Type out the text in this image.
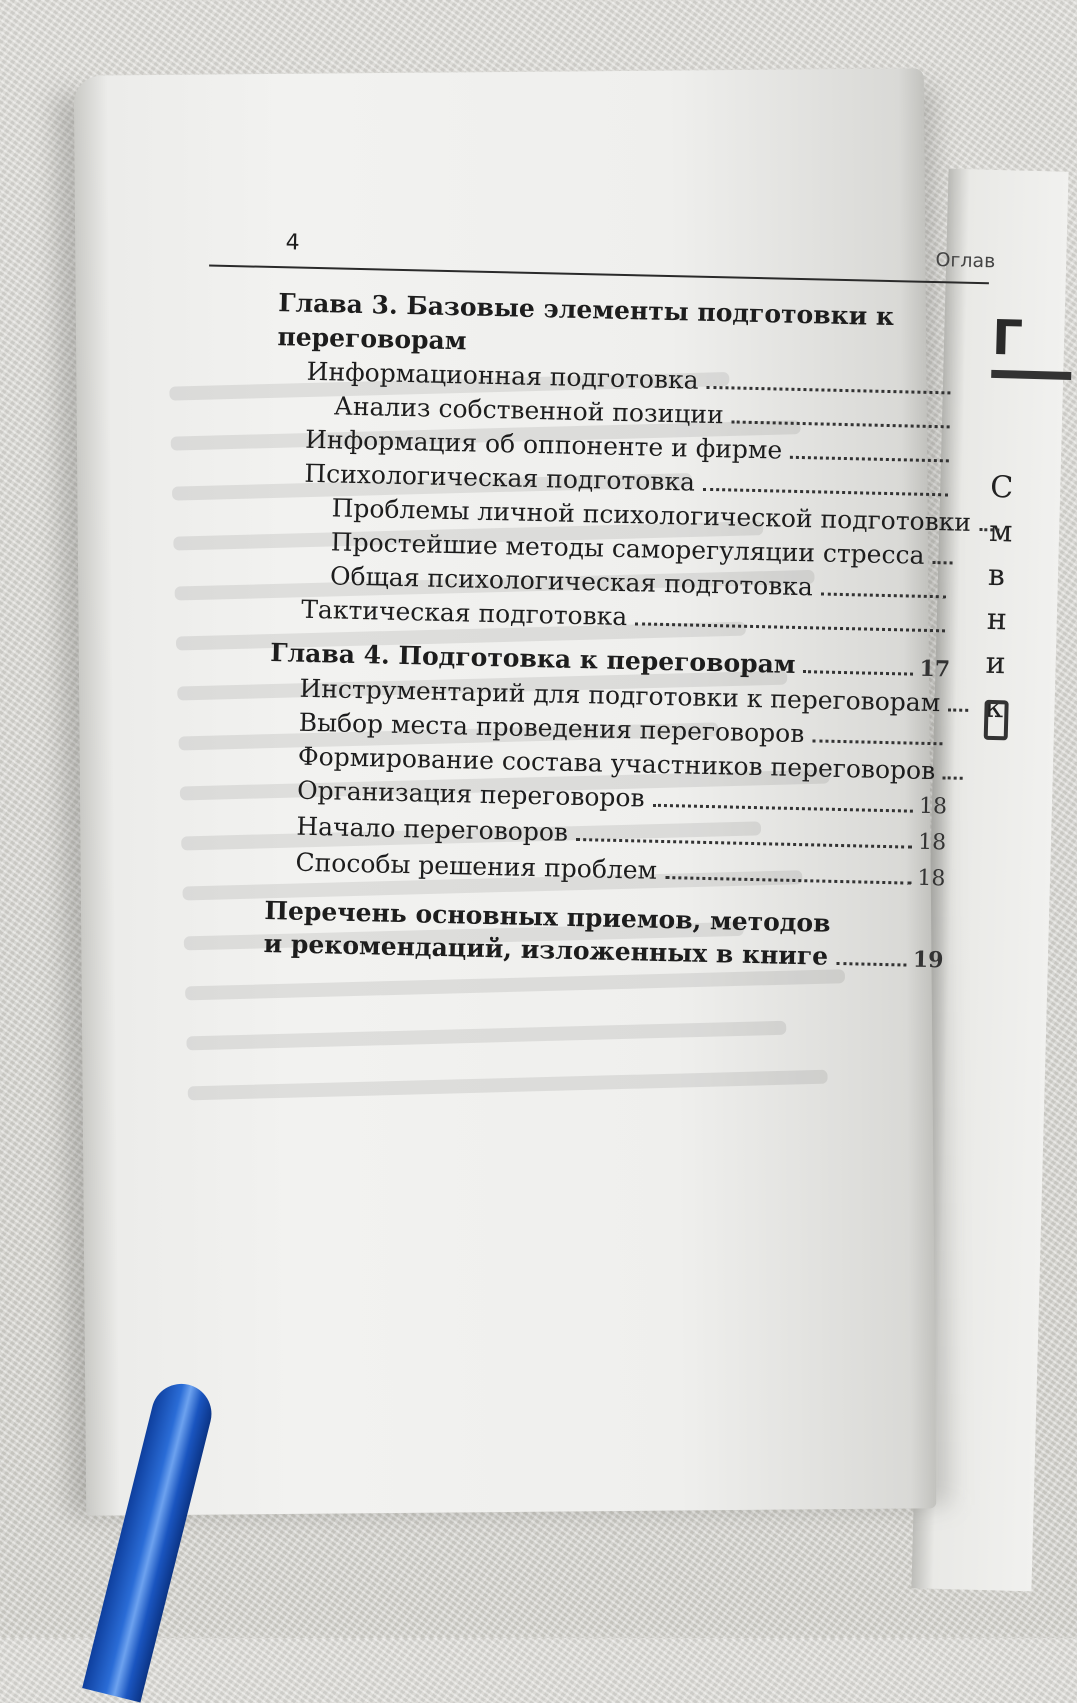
Г
С
м
в
н
и
к
4
Оглав
Глава 3. Базовые элементы подготовки к переговорам
Информационная подготовка
Анализ собственной позиции
Информация об оппоненте и фирме
Психологическая подготовка
Проблемы личной психологической подготовки
Простейшие методы саморегуляции стресса
Общая психологическая подготовка
Тактическая подготовка
Глава 4. Подготовка к переговорам	17
Инструментарий для подготовки к переговорам
Выбор места проведения переговоров
Формирование состава участников переговоров
Организация переговоров	18
Начало переговоров	18
Способы решения проблем	18
Перечень основных приемов, методов
и рекомендаций, изложенных в книге	19
